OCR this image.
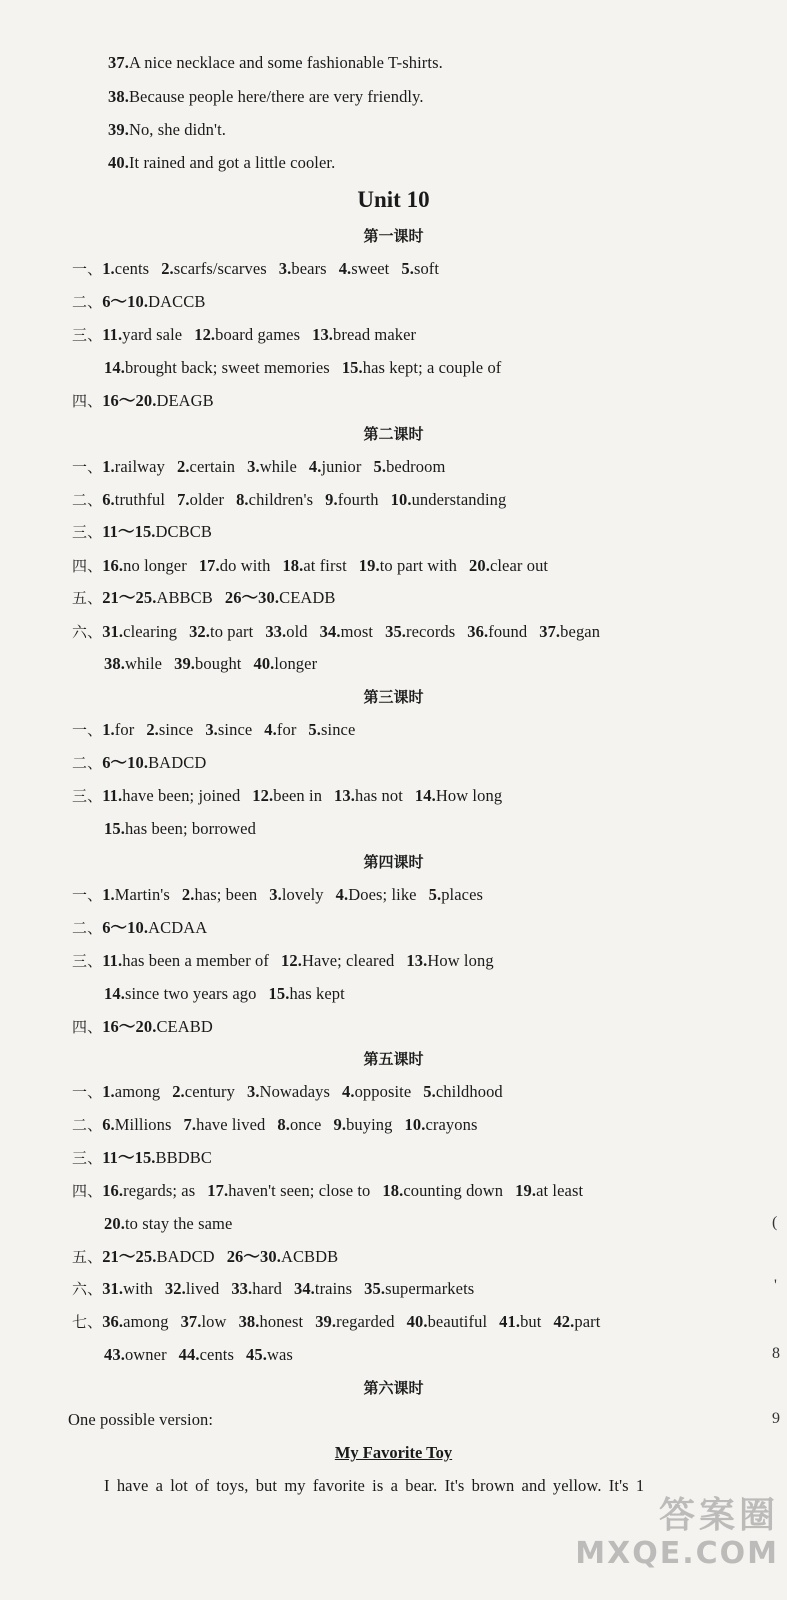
37.A nice necklace and some fashionable T-shirts.
38.Because people here/there are very friendly.
39.No, she didn't.
40.It rained and got a little cooler.
Unit 10
第一课时
一、1.cents 2.scarfs/scarves 3.bears 4.sweet 5.soft
二、6～10.DACCB
三、11.yard sale 12.board games 13.bread maker
14.brought back; sweet memories 15.has kept; a couple of
四、16～20.DEAGB
第二课时
一、1.railway 2.certain 3.while 4.junior 5.bedroom
二、6.truthful 7.older 8.children's 9.fourth 10.understanding
三、11～15.DCBCB
四、16.no longer 17.do with 18.at first 19.to part with 20.clear out
五、21～25.ABBCB 26～30.CEADB
六、31.clearing 32.to part 33.old 34.most 35.records 36.found 37.began
38.while 39.bought 40.longer
第三课时
一、1.for 2.since 3.since 4.for 5.since
二、6～10.BADCD
三、11.have been; joined 12.been in 13.has not 14.How long
15.has been; borrowed
第四课时
一、1.Martin's 2.has; been 3.lovely 4.Does; like 5.places
二、6～10.ACDAA
三、11.has been a member of 12.Have; cleared 13.How long
14.since two years ago 15.has kept
四、16～20.CEABD
第五课时
一、1.among 2.century 3.Nowadays 4.opposite 5.childhood
二、6.Millions 7.have lived 8.once 9.buying 10.crayons
三、11～15.BBDBC
四、16.regards; as 17.haven't seen; close to 18.counting down 19.at least
20.to stay the same
五、21～25.BADCD 26～30.ACBDB
六、31.with 32.lived 33.hard 34.trains 35.supermarkets
七、36.among 37.low 38.honest 39.regarded 40.beautiful 41.but 42.part
43.owner 44.cents 45.was
第六课时
One possible version:
My Favorite Toy
I have a lot of toys, but my favorite is a bear. It's brown and yellow. It's 1
(
'
8
9
答案圈
MXQE.COM
